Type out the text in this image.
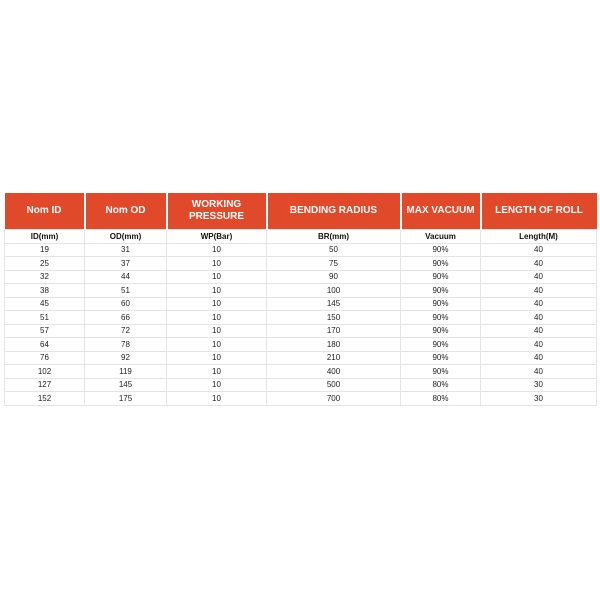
Nom ID	Nom OD	WORKING PRESSURE	BENDING RADIUS	MAX VACUUM	LENGTH OF ROLL
ID(mm)	OD(mm)	WP(Bar)	BR(mm)	Vacuum	Length(M)
19	31	10	50	90%	40
25	37	10	75	90%	40
32	44	10	90	90%	40
38	51	10	100	90%	40
45	60	10	145	90%	40
51	66	10	150	90%	40
57	72	10	170	90%	40
64	78	10	180	90%	40
76	92	10	210	90%	40
102	119	10	400	90%	40
127	145	10	500	80%	30
152	175	10	700	80%	30
